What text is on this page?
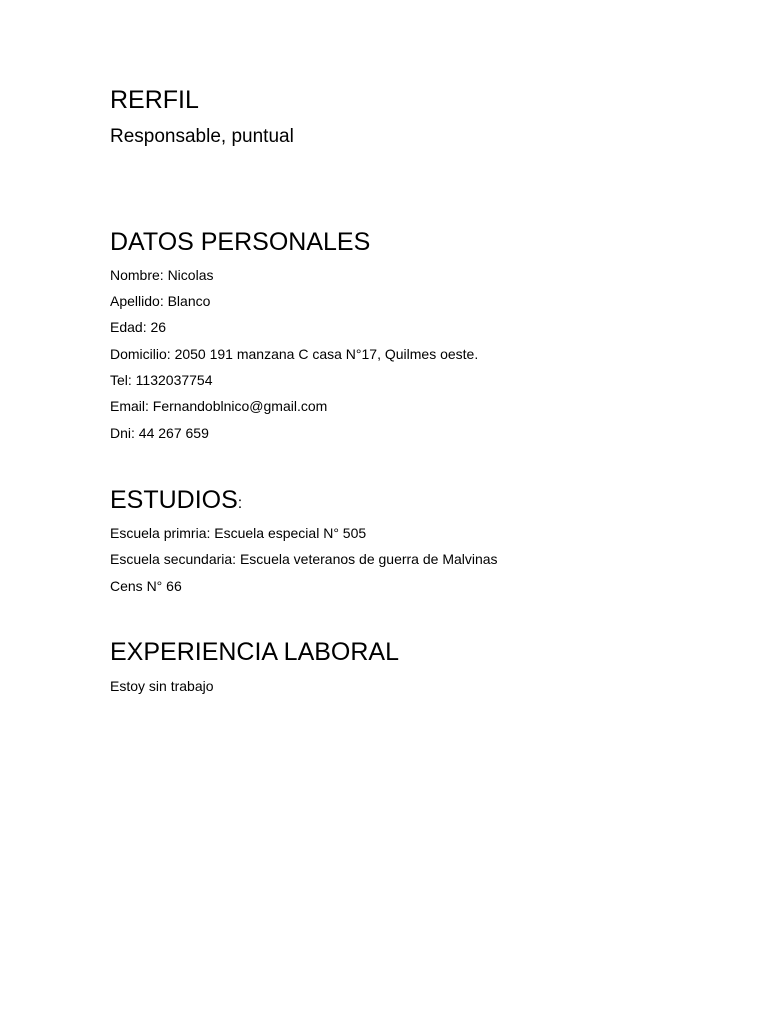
RERFIL
Responsable, puntual
DATOS PERSONALES
Nombre: Nicolas
Apellido: Blanco
Edad: 26
Domicilio: 2050 191 manzana C casa N°17, Quilmes oeste.
Tel: 1132037754
Email: Fernandoblnico@gmail.com
Dni: 44 267 659
ESTUDIOS:
Escuela primria: Escuela especial N° 505
Escuela secundaria: Escuela veteranos de guerra de Malvinas
Cens N° 66
EXPERIENCIA LABORAL
Estoy sin trabajo
